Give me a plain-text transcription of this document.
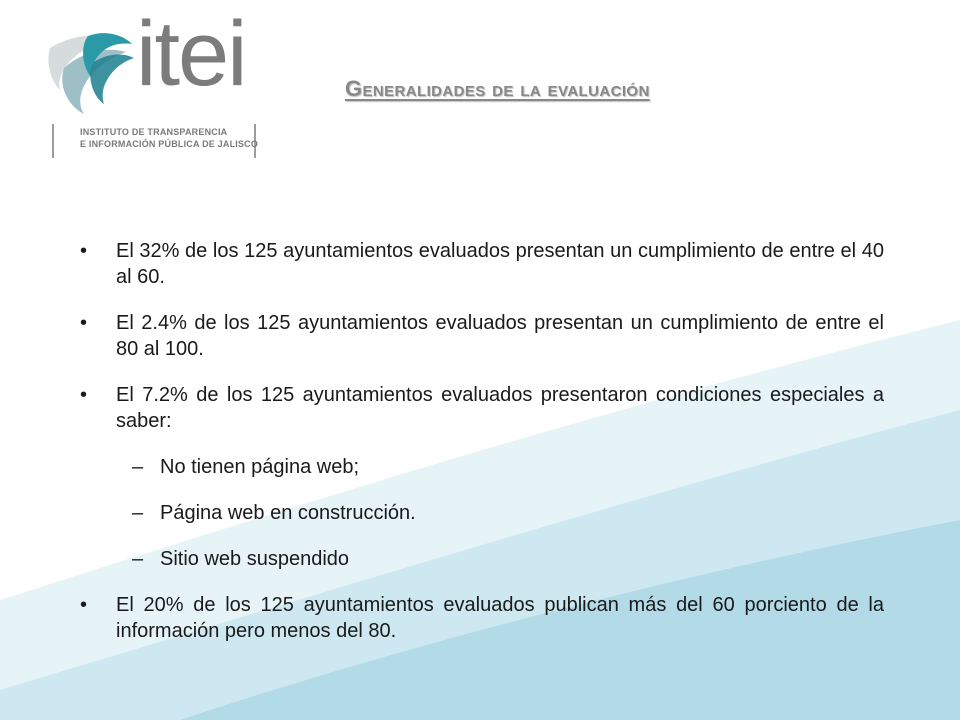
itei
INSTITUTO DE TRANSPARENCIA
E INFORMACIÓN PÚBLICA DE JALISCO
Generalidades de la evaluación
• El 32% de los 125 ayuntamientos evaluados presentan un cumplimiento de entre el 40 al 60.
• El 2.4% de los 125 ayuntamientos evaluados presentan un cumplimiento de entre el 80 al 100.
• El 7.2% de los 125 ayuntamientos evaluados presentaron condiciones especiales a saber:
– No tienen página web;
– Página web en construcción.
– Sitio web suspendido
• El 20% de los 125 ayuntamientos evaluados publican más del 60 porciento de la información pero menos del 80.
